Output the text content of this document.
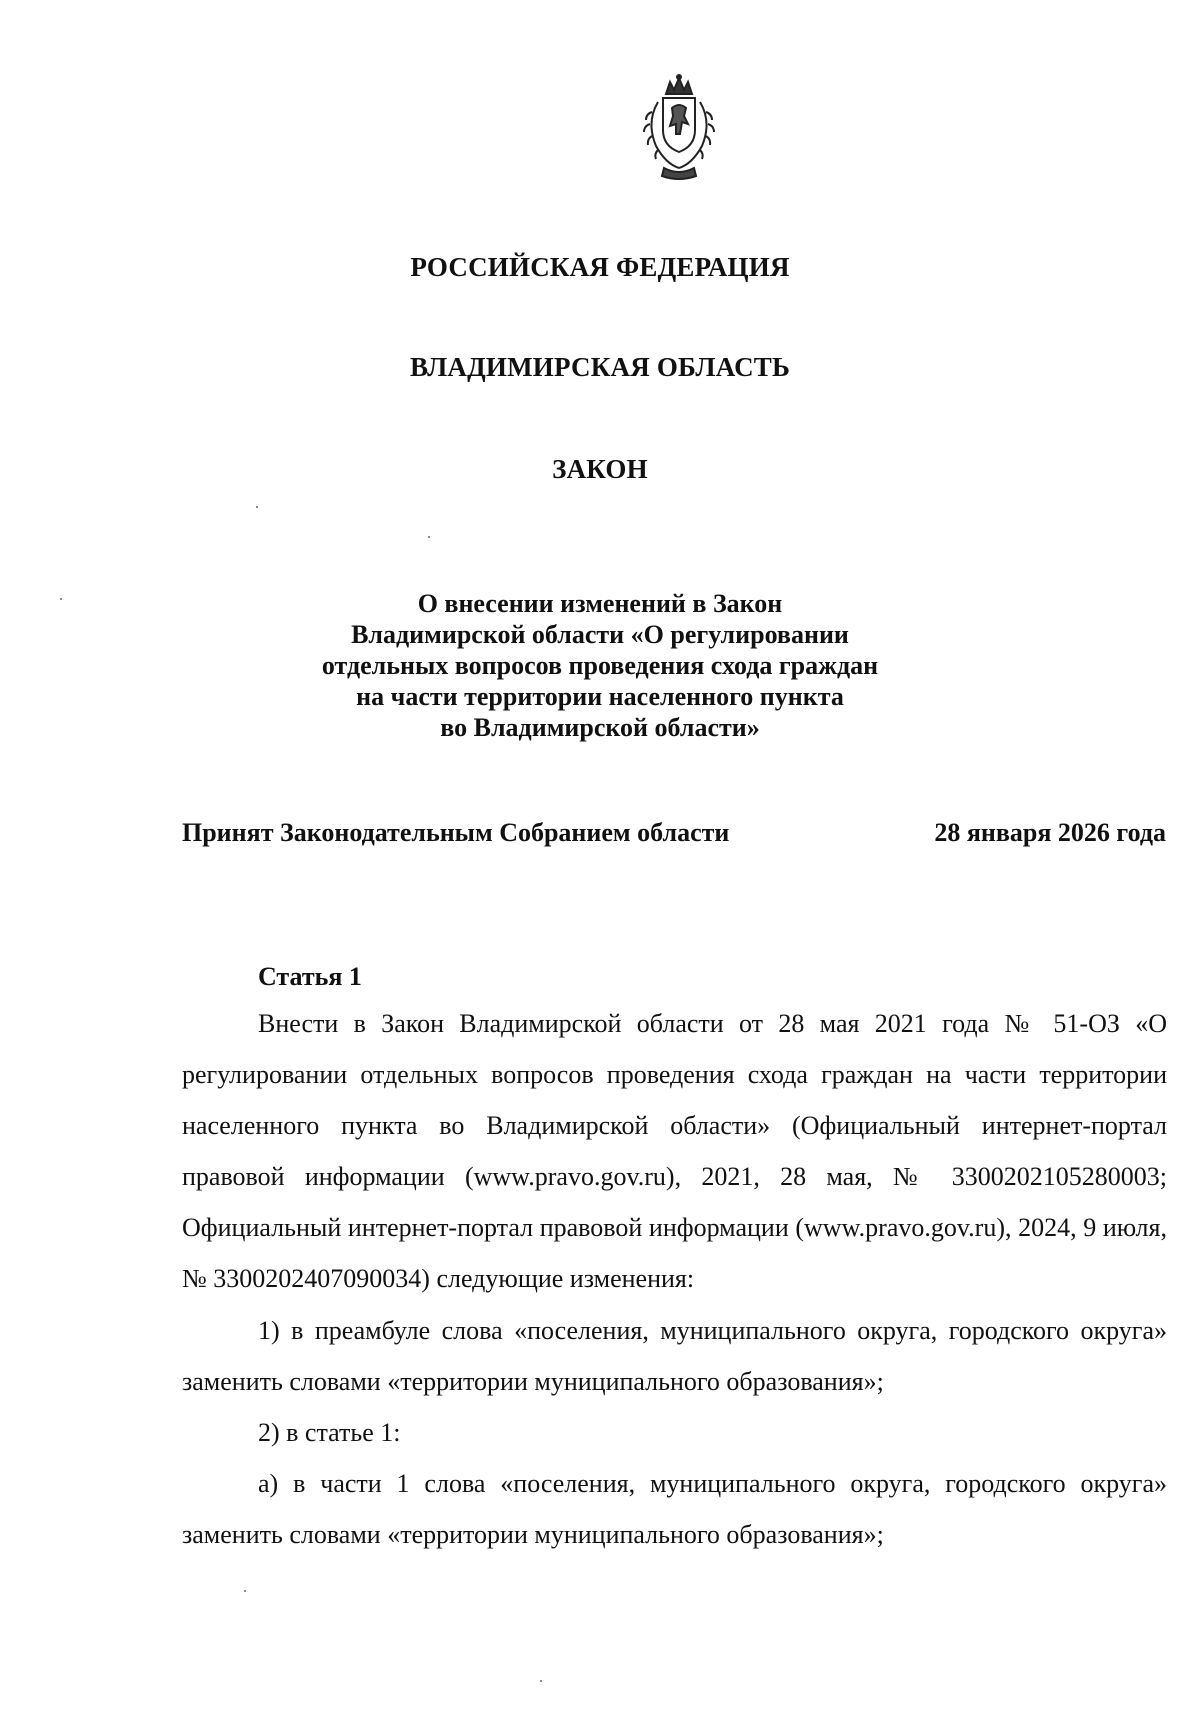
РОССИЙСКАЯ ФЕДЕРАЦИЯ
ВЛАДИМИРСКАЯ ОБЛАСТЬ
ЗАКОН
О внесении изменений в Закон
Владимирской области «О регулировании
отдельных вопросов проведения схода граждан
на части территории населенного пункта
во Владимирской области»
Принят Законодательным Собранием области	28 января 2026 года
Статья 1

Внести в Закон Владимирской области от 28 мая 2021 года № 51-ОЗ «О регулировании отдельных вопросов проведения схода граждан на части территории населенного пункта во Владимирской области» (Официальный интернет-портал правовой информации (www.pravo.gov.ru), 2021, 28 мая, № 3300202105280003; Официальный интернет-портал правовой информации (www.pravo.gov.ru), 2024, 9 июля, № 3300202407090034) следующие изменения:

1) в преамбуле слова «поселения, муниципального округа, городского округа» заменить словами «территории муниципального образования»;

2) в статье 1:

а) в части 1 слова «поселения, муниципального округа, городского округа» заменить словами «территории муниципального образования»;
